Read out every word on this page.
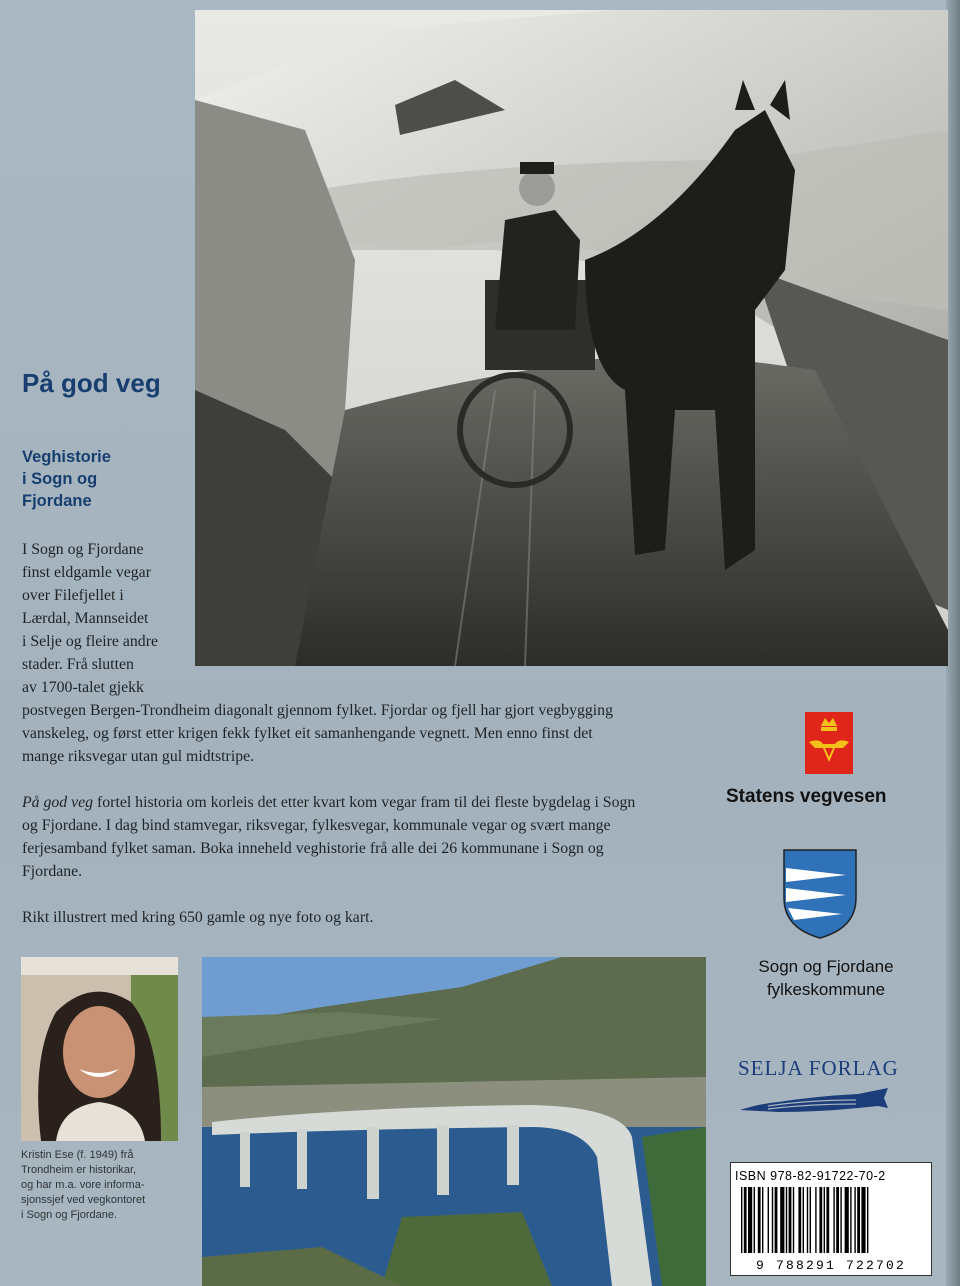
På god veg
Veghistorie
i Sogn og
Fjordane
I Sogn og Fjordane
finst eldgamle vegar
over Filefjellet i
Lærdal, Mannseidet
i Selje og fleire andre
stader. Frå slutten
av 1700-talet gjekk
postvegen Bergen-Trondheim diagonalt gjennom fylket. Fjordar og fjell har gjort vegbygging
vanskeleg, og først etter krigen fekk fylket eit samanhengande vegnett. Men enno finst det
mange riksvegar utan gul midtstripe.
På god veg fortel historia om korleis det etter kvart kom vegar fram til dei fleste bygdelag i Sogn
og Fjordane. I dag bind stamvegar, riksvegar, fylkesvegar, kommunale vegar og svært mange
ferjesamband fylket saman. Boka inneheld veghistorie frå alle dei 26 kommunane i Sogn og
Fjordane.
Rikt illustrert med kring 650 gamle og nye foto og kart.
Statens vegvesen
Sogn og Fjordane
fylkeskommune
SELJA FORLAG
Kristin Ese (f. 1949) frå
Trondheim er historikar,
og har m.a. vore informa-
sjonssjef ved vegkontoret
i Sogn og Fjordane.
ISBN 978-82-91722-70-2
9 788291 722702
